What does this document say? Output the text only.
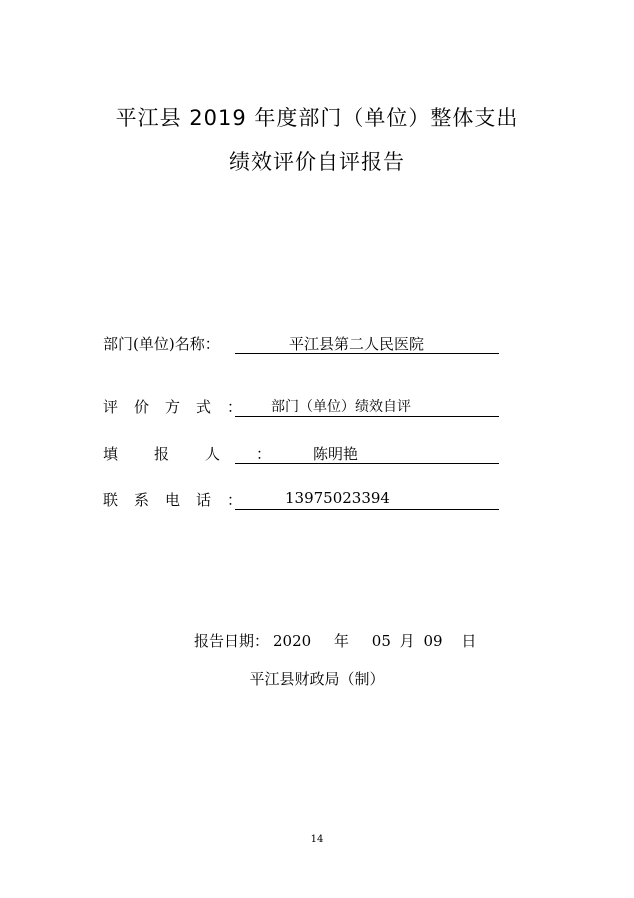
平江县 2019 年度部门（单位）整体支出
绩效评价自评报告
部门(单位)名称：	平江县第二人民医院
评价方式： 部门（单位）绩效自评
填报人： 陈明艳
联系电话： 13975023394
报告日期： 2020 年 05 月 09 日
平江县财政局（制）
14
